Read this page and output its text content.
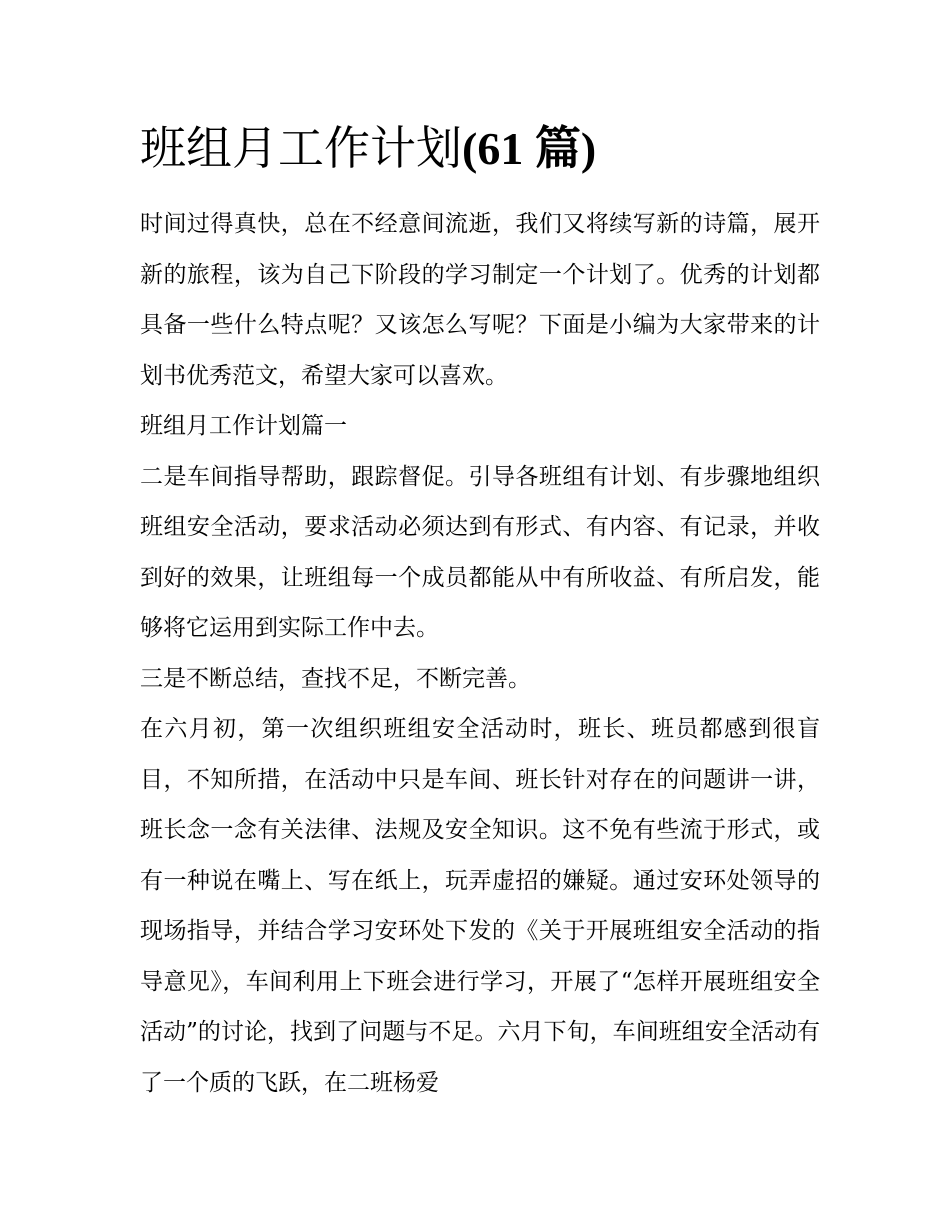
班组月工作计划(61 篇)

时间过得真快，总在不经意间流逝，我们又将续写新的诗篇，展开新的旅程，该为自己下阶段的学习制定一个计划了。优秀的计划都具备一些什么特点呢？又该怎么写呢？下面是小编为大家带来的计划书优秀范文，希望大家可以喜欢。

班组月工作计划篇一

二是车间指导帮助，跟踪督促。引导各班组有计划、有步骤地组织班组安全活动，要求活动必须达到有形式、有内容、有记录，并收到好的效果，让班组每一个成员都能从中有所收益、有所启发，能够将它运用到实际工作中去。

三是不断总结，查找不足，不断完善。

在六月初，第一次组织班组安全活动时，班长、班员都感到很盲目，不知所措，在活动中只是车间、班长针对存在的问题讲一讲，班长念一念有关法律、法规及安全知识。这不免有些流于形式，或有一种说在嘴上、写在纸上，玩弄虚招的嫌疑。通过安环处领导的现场指导，并结合学习安环处下发的《关于开展班组安全活动的指导意见》，车间利用上下班会进行学习，开展了“怎样开展班组安全活动”的讨论，找到了问题与不足。六月下旬，车间班组安全活动有了一个质的飞跃，在二班杨爱
